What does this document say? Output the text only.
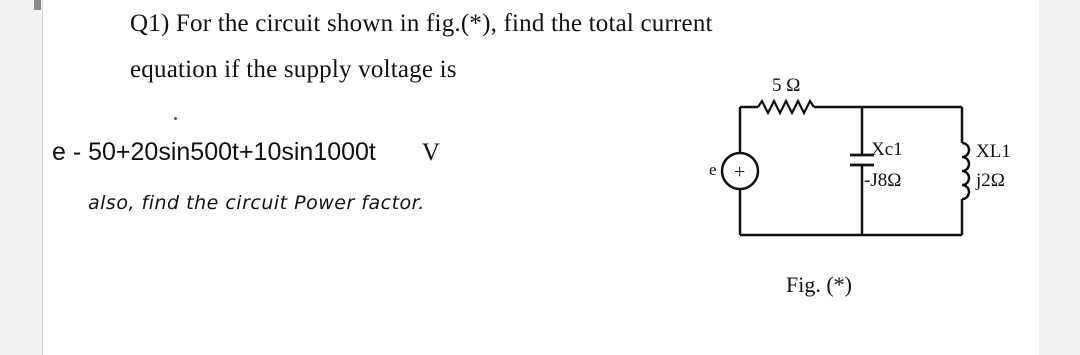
Q1) For the circuit shown in fig.(*), find the total current
equation if the supply voltage is
e - 50+20sin500t+10sin1000t V
also, find the circuit Power factor.
5 Ω
+
e
Xc1
-J8Ω
XL1
j2Ω
Fig. (*)
